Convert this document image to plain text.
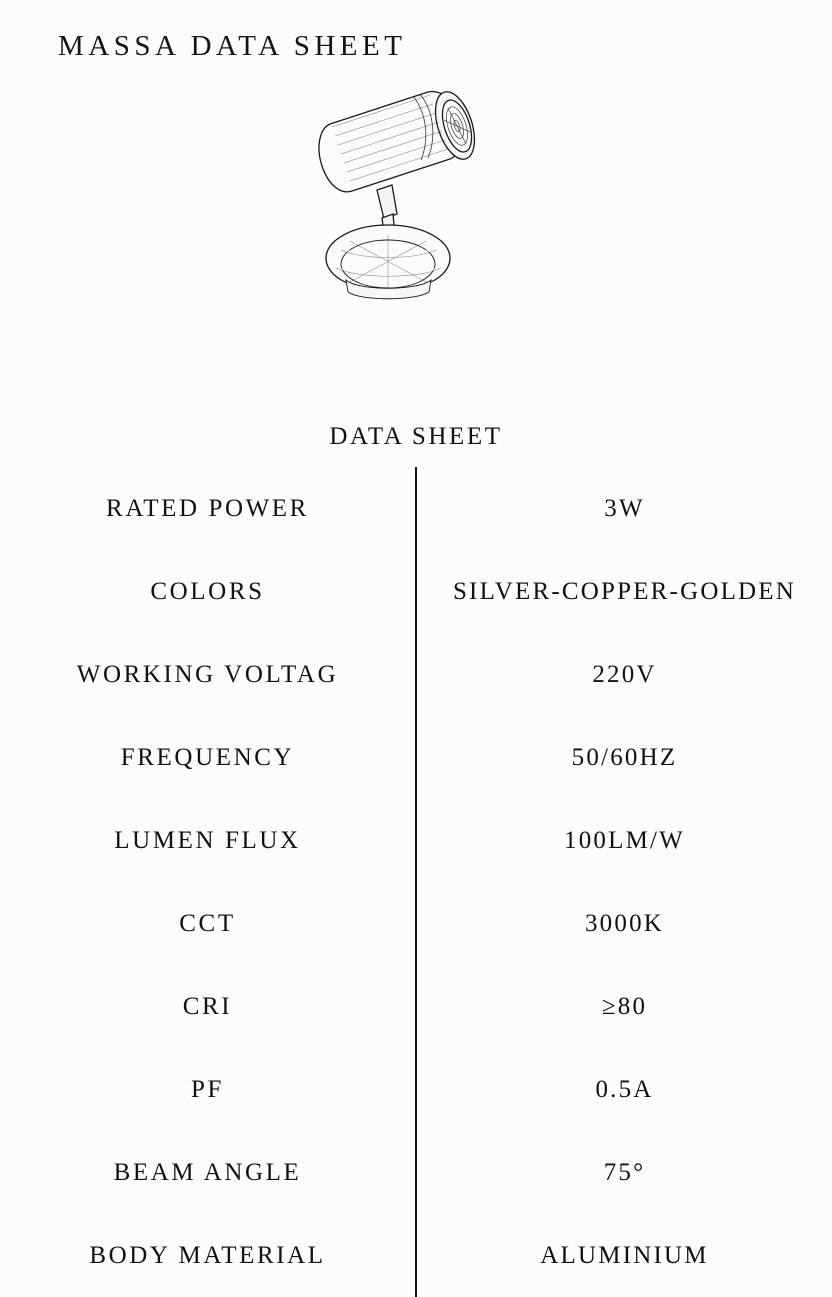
MASSA DATA SHEET
DATA SHEET	
RATED POWER	3W
COLORS	SILVER-COPPER-GOLDEN
WORKING VOLTAG	220V
FREQUENCY	50/60HZ
LUMEN FLUX	100LM/W
CCT	3000K
CRI	≥80
PF	0.5A
BEAM ANGLE	75°
BODY MATERIAL	ALUMINIUM
